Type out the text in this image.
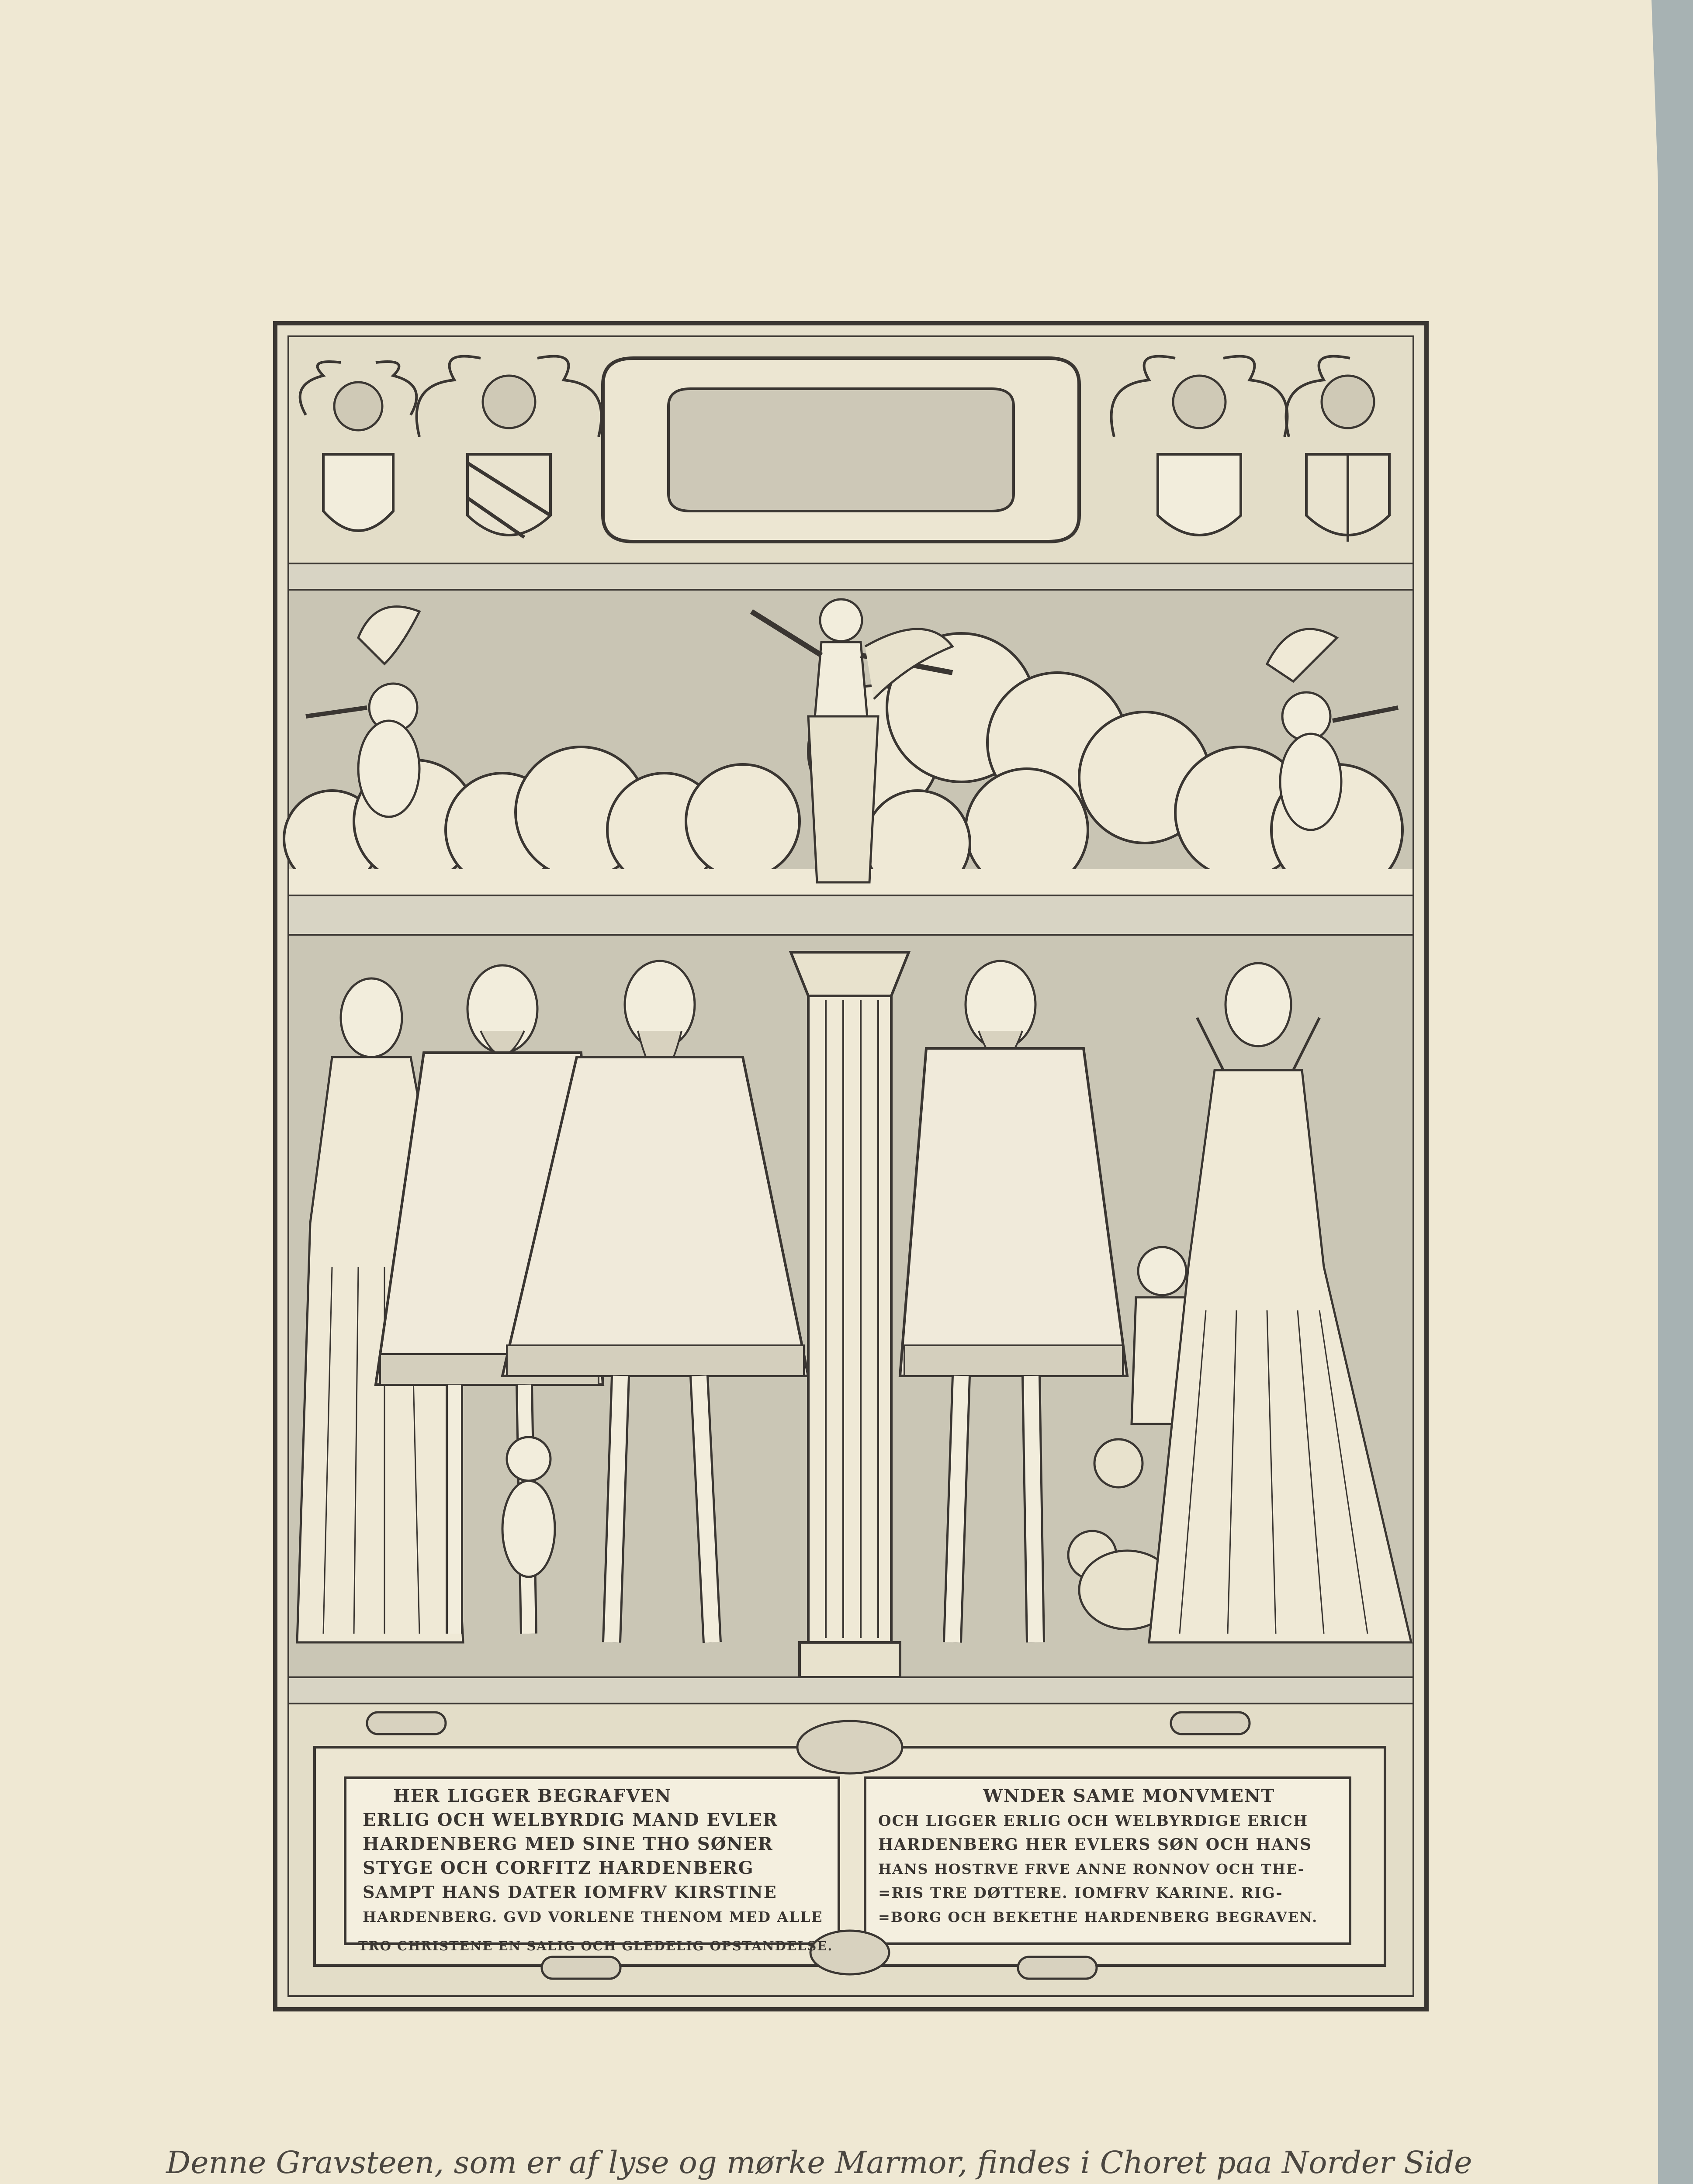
HER LIGGER BEGRAFVEN
ERLIG OCH WELBYRDIG MAND EVLER
HARDENBERG MED SINE THO SØNER
STYGE OCH CORFITZ HARDENBERG
SAMPT HANS DATER IOMFRV KIRSTINE
HARDENBERG. GVD VORLENE THENOM MED ALLE
TRO CHRISTENE EN SALIG OCH GLEDELIG OPSTANDELSE.
WNDER SAME MONVMENT
OCH LIGGER ERLIG OCH WELBYRDIGE ERICH
HARDENBERG HER EVLERS SØN OCH HANS
HANS HOSTRVE FRVE ANNE RONNOV OCH THE-
=RIS TRE DØTTERE. IOMFRV KARINE. RIG-
=BORG OCH BEKETHE HARDENBERG BEGRAVEN.
Denne Gravsteen, som er af lyse og mørke Marmor, findes i Choret paa Norder Side
